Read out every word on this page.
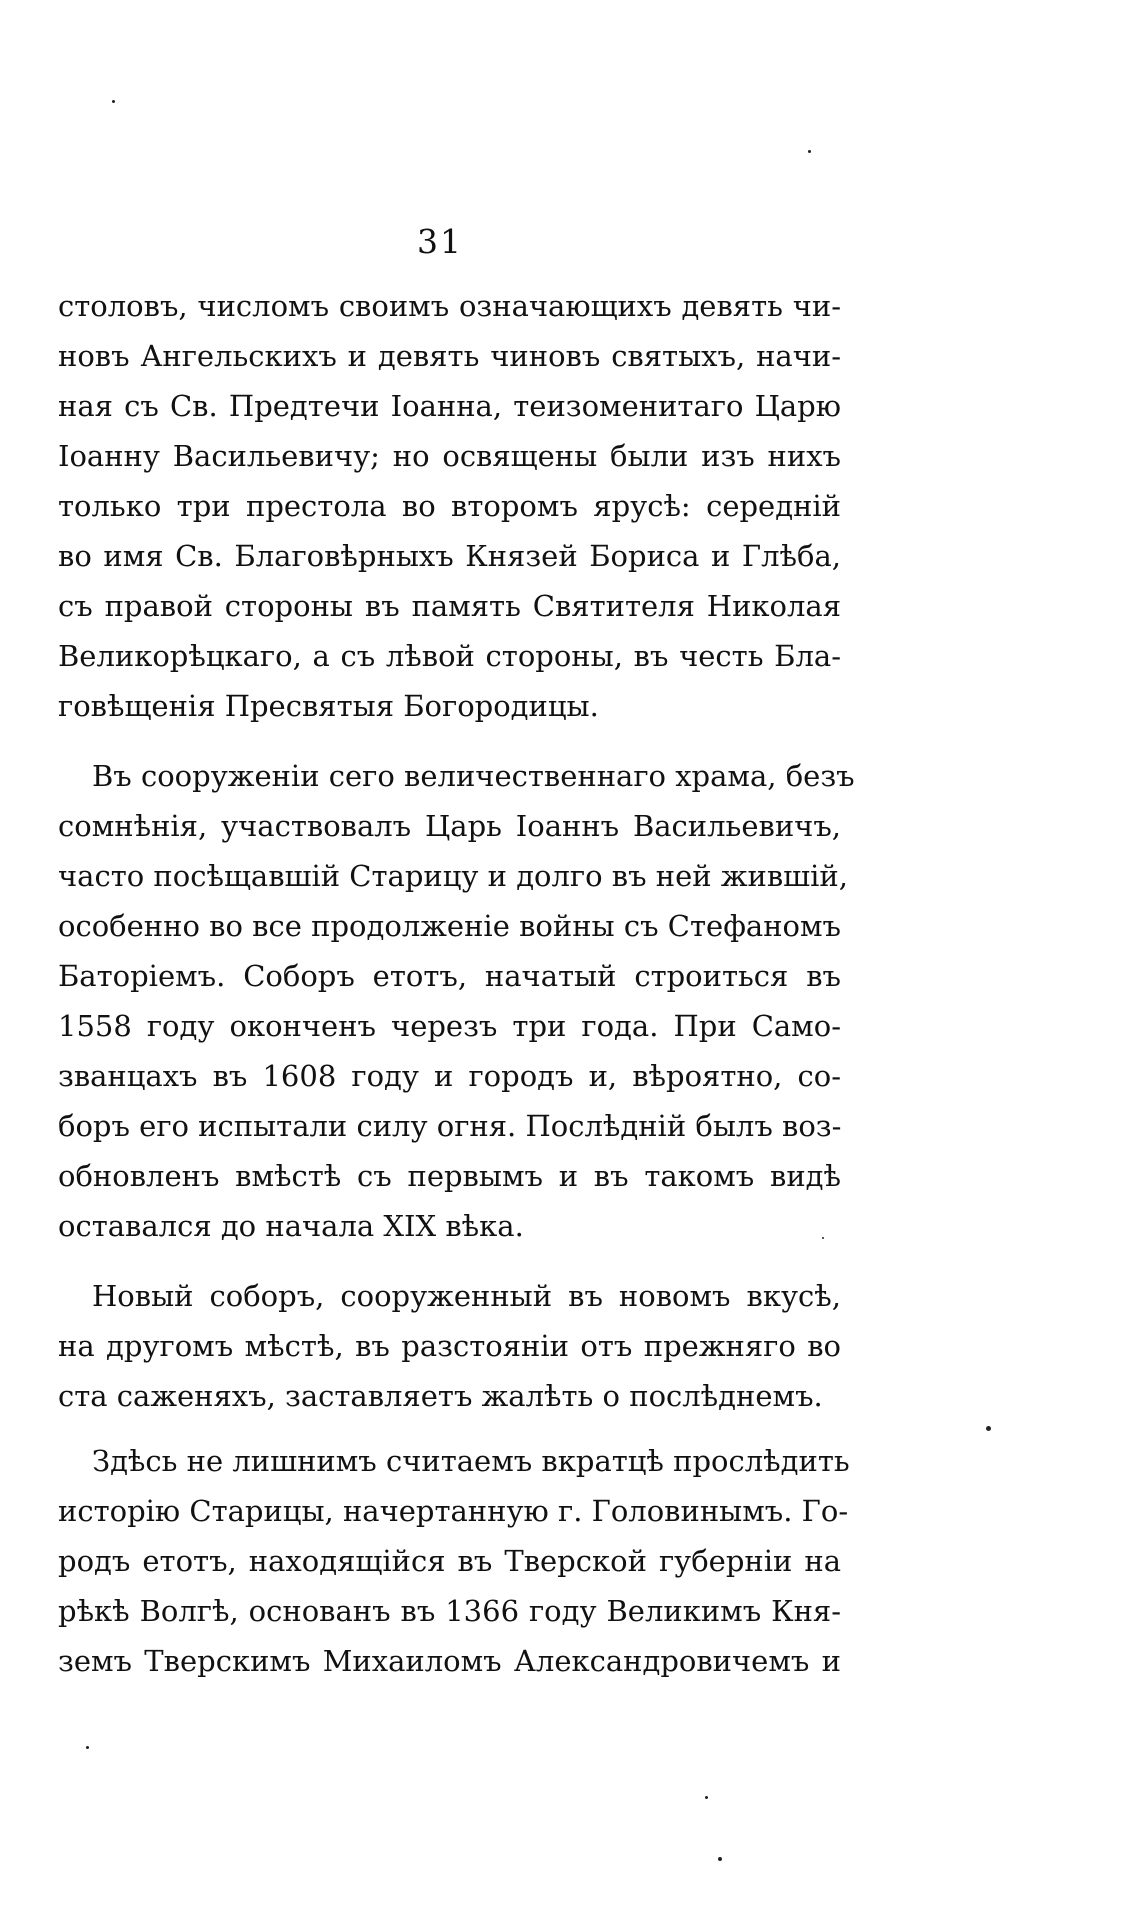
31
столовъ, числомъ своимъ означающихъ девять чи-
новъ Ангельскихъ и девять чиновъ святыхъ, начи-
ная съ Св. Предтечи Іоанна, теизоменитаго Царю
Іоанну Васильевичу; но освящены были изъ нихъ
только три престола во второмъ ярусѣ: середній
во имя Св. Благовѣрныхъ Князей Бориса и Глѣба,
съ правой стороны въ память Святителя Николая
Великорѣцкаго, а съ лѣвой стороны, въ честь Бла-
говѣщенія Пресвятыя Богородицы.
Въ сооруженіи сего величественнаго храма, безъ
сомнѣнія, участвовалъ Царь Іоаннъ Васильевичъ,
часто посѣщавшій Старицу и долго въ ней жившій,
особенно во все продолженіе войны съ Стефаномъ
Баторіемъ. Соборъ етотъ, начатый строиться въ
1558 году оконченъ черезъ три года. При Само-
званцахъ въ 1608 году и городъ и, вѣроятно, со-
боръ его испытали силу огня. Послѣдній былъ воз-
обновленъ вмѣстѣ съ первымъ и въ такомъ видѣ
оставался до начала XIX вѣка.
Новый соборъ, сооруженный въ новомъ вкусѣ,
на другомъ мѣстѣ, въ разстояніи отъ прежняго во
ста саженяхъ, заставляетъ жалѣть о послѣднемъ.
Здѣсь не лишнимъ считаемъ вкратцѣ прослѣдить
исторію Старицы, начертанную г. Головинымъ. Го-
родъ етотъ, находящійся въ Тверской губерніи на
рѣкѣ Волгѣ, основанъ въ 1366 году Великимъ Кня-
земъ Тверскимъ Михаиломъ Александровичемъ и
